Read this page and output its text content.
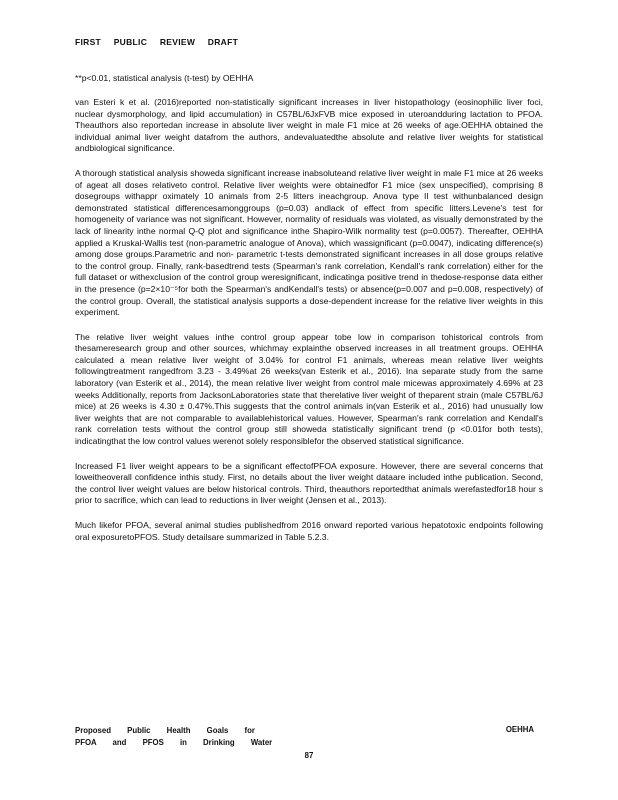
FIRST PUBLIC REVIEW DRAFT
**p<0.01, statistical analysis (t-test) by OEHHA

van Esteri k et al. (2016)reported non-statistically significant increases in liver histopathology (eosinophilic liver foci, nuclear dysmorphology, and lipid accumulation) in C57BL/6JxFVB mice exposed in uteroandduring lactation to PFOA. Theauthors also reportedan increase in absolute liver weight in male F1 mice at 26 weeks of age.OEHHA obtained the individual animal liver weight datafrom the authors, andevaluatedthe absolute and relative liver weights for statistical andbiological significance.

A thorough statistical analysis showeda significant increase inabsoluteand relative liver weight in male F1 mice at 26 weeks of ageat all doses relativeto control. Relative liver weights were obtainedfor F1 mice (sex unspecified), comprising 8 dosegroups withappr oximately 10 animals from 2-5 litters ineachgroup. Anova type II test withunbalanced design demonstrated statistical differencesamonggroups (p=0.03) andlack of effect from specific litters.Levene's test for homogeneity of variance was not significant. However, normality of residuals was violated, as visually demonstrated by the lack of linearity inthe normal Q-Q plot and significance inthe Shapiro-Wilk normality test (p=0.0057). Thereafter, OEHHA applied a Kruskal-Wallis test (non-parametric analogue of Anova), which wassignificant (p=0.0047), indicating difference(s) among dose groups.Parametric and non- parametric t-tests demonstrated significant increases in all dose groups relative to the control group. Finally, rank-basedtrend tests (Spearman's rank correlation, Kendall's rank correlation) either for the full dataset or withexclusion of the control group weresignificant, indicatinga positive trend in thedose-response data either in the presence (p=2×10⁻⁵for both the Spearman's andKendall's tests) or absence(p=0.007 and p=0.008, respectively) of the control group. Overall, the statistical analysis supports a dose-dependent increase for the relative liver weights in this experiment.

The relative liver weight values inthe control group appear tobe low in comparison tohistorical controls from thesameresearch group and other sources, whichmay explainthe observed increases in all treatment groups. OEHHA calculated a mean relative liver weight of 3.04% for control F1 animals, whereas mean relative liver weights followingtreatment rangedfrom 3.23 - 3.49%at 26 weeks(van Esterik et al., 2016). Ina separate study from the same laboratory (van Esterik et al., 2014), the mean relative liver weight from control male micewas approximately 4.69% at 23 weeks Additionally, reports from JacksonLaboratories state that therelative liver weight of theparent strain (male C57BL/6J mice) at 26 weeks is 4.30 ± 0.47%.This suggests that the control animals in(van Esterik et al., 2016) had unusually low liver weights that are not comparable to availablehistorical values. However, Spearman's rank correlation and Kendall's rank correlation tests without the control group still showeda statistically significant trend (p <0.01for both tests), indicatingthat the low control values werenot solely responsiblefor the observed statistical significance.

Increased F1 liver weight appears to be a significant effectofPFOA exposure. However, there are several concerns that loweitheoverall confidence inthis study. First, no details about the liver weight dataare included inthe publication. Second, the control liver weight values are below historical controls. Third, theauthors reportedthat animals werefastedfor18 hour s prior to sacrifice, which can lead to reductions in liver weight (Jensen et al., 2013).

Much likefor PFOA, several animal studies publishedfrom 2016 onward reported various hepatotoxic endpoints following oral exposuretoPFOS. Study detailsare summarized in Table 5.2.3.

Proposed Public Health Goals for
PFOA and PFOS in Drinking Water
OEHHA
87
